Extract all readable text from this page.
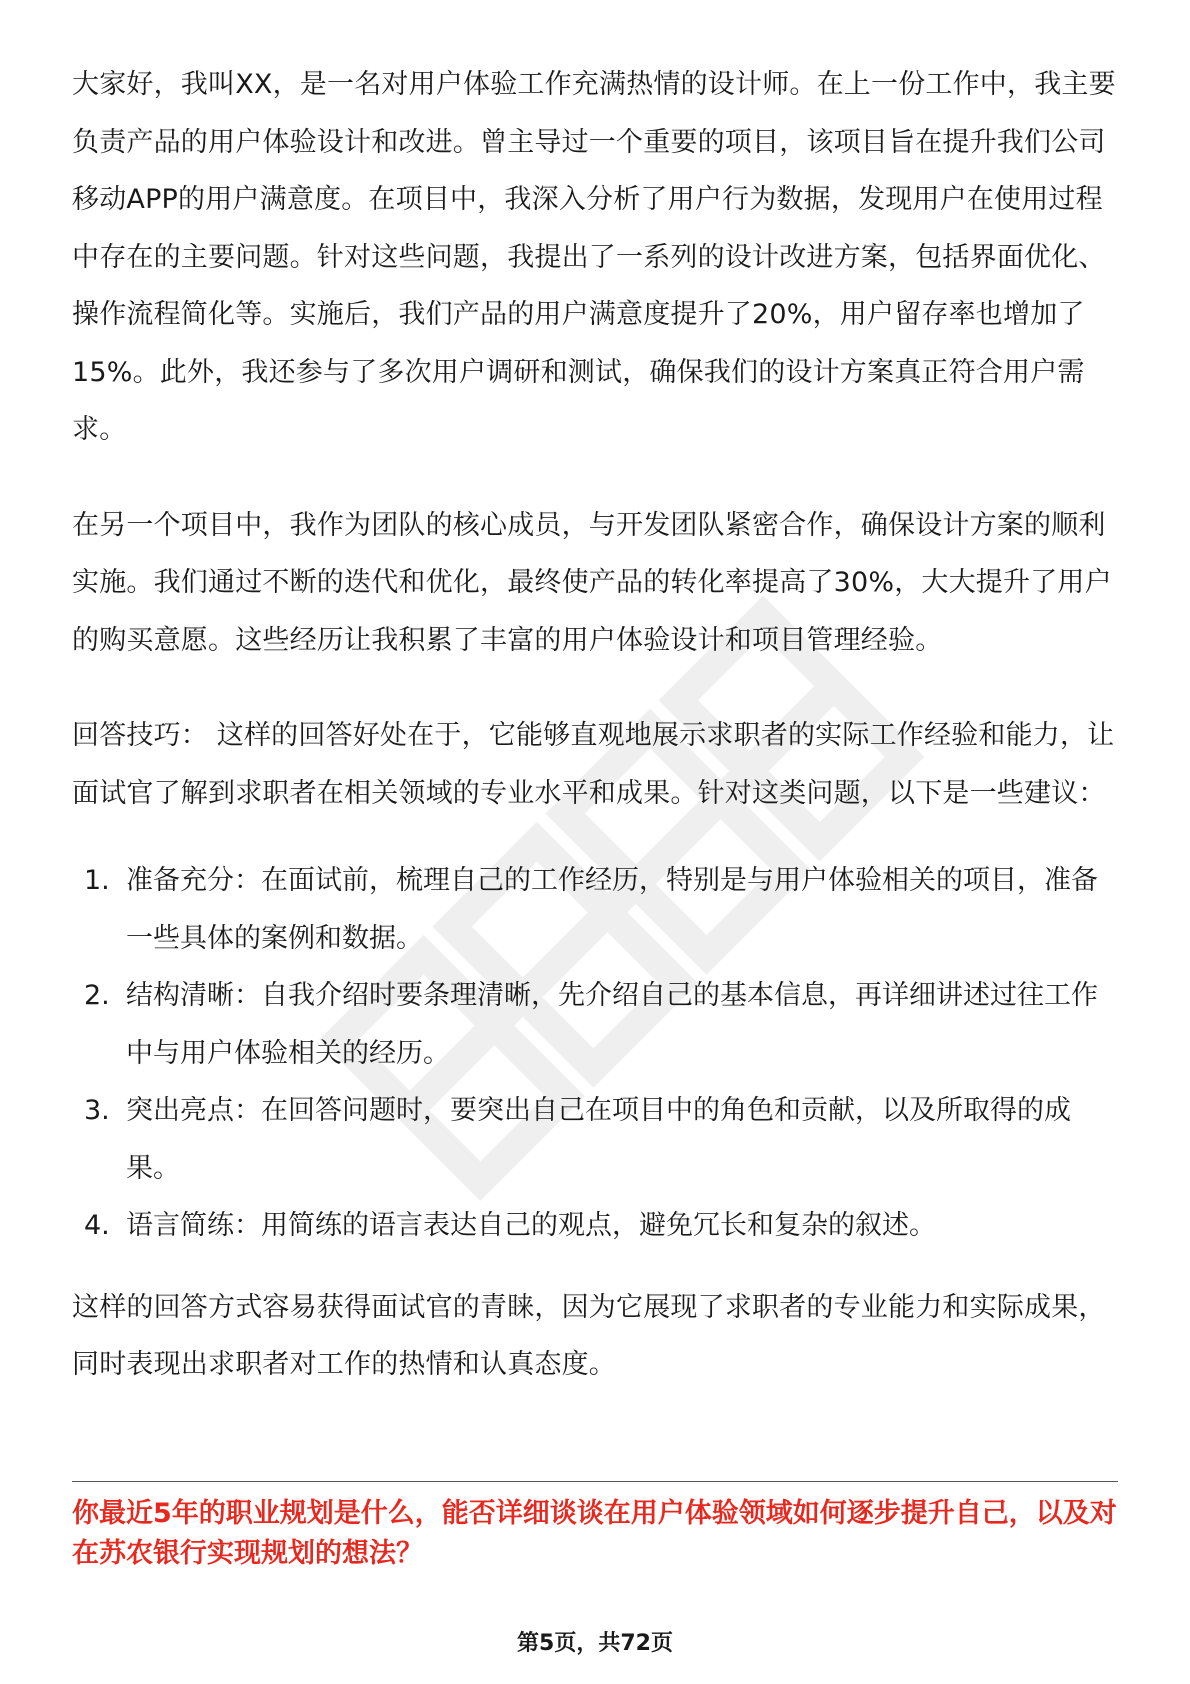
大家好，我叫XX，是一名对用户体验工作充满热情的设计师。在上一份工作中，我主要负责产品的用户体验设计和改进。曾主导过一个重要的项目，该项目旨在提升我们公司移动APP的用户满意度。在项目中，我深入分析了用户行为数据，发现用户在使用过程中存在的主要问题。针对这些问题，我提出了一系列的设计改进方案，包括界面优化、操作流程简化等。实施后，我们产品的用户满意度提升了20%，用户留存率也增加了15%。此外，我还参与了多次用户调研和测试，确保我们的设计方案真正符合用户需求。

在另一个项目中，我作为团队的核心成员，与开发团队紧密合作，确保设计方案的顺利实施。我们通过不断的迭代和优化，最终使产品的转化率提高了30%，大大提升了用户的购买意愿。这些经历让我积累了丰富的用户体验设计和项目管理经验。

回答技巧： 这样的回答好处在于，它能够直观地展示求职者的实际工作经验和能力，让面试官了解到求职者在相关领域的专业水平和成果。针对这类问题，以下是一些建议：

1. 准备充分：在面试前，梳理自己的工作经历，特别是与用户体验相关的项目，准备一些具体的案例和数据。
2. 结构清晰：自我介绍时要条理清晰，先介绍自己的基本信息，再详细讲述过往工作中与用户体验相关的经历。
3. 突出亮点：在回答问题时，要突出自己在项目中的角色和贡献，以及所取得的成果。
4. 语言简练：用简练的语言表达自己的观点，避免冗长和复杂的叙述。

这样的回答方式容易获得面试官的青睐，因为它展现了求职者的专业能力和实际成果，同时表现出求职者对工作的热情和认真态度。

你最近5年的职业规划是什么，能否详细谈谈在用户体验领域如何逐步提升自己，以及对在苏农银行实现规划的想法？

第5页，共72页
